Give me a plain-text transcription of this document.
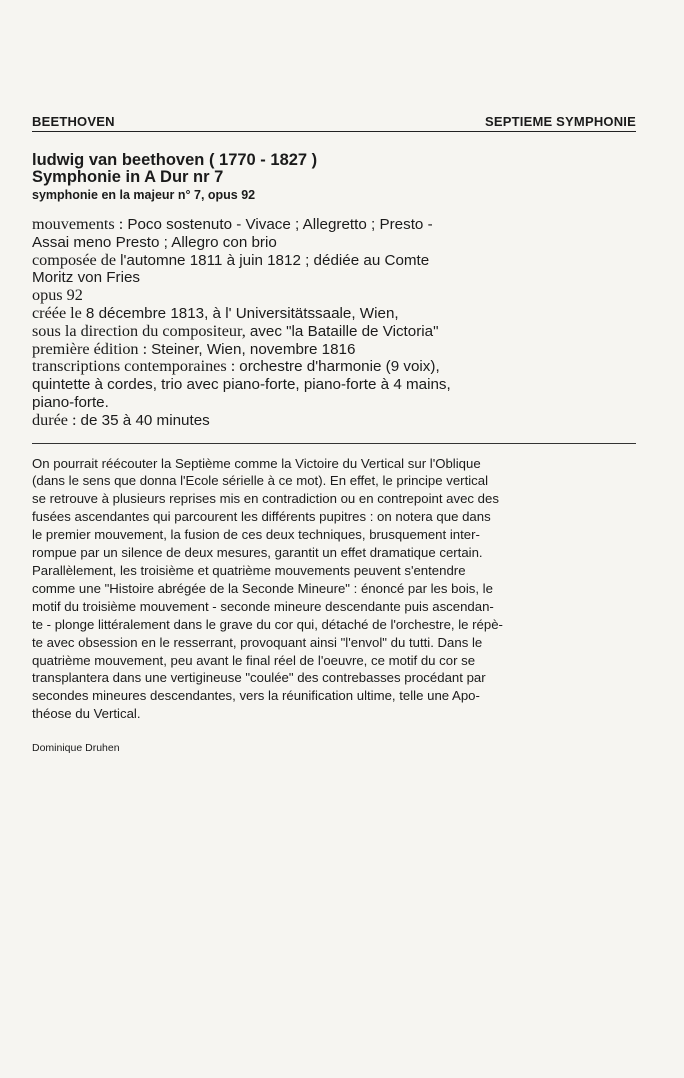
BEETHOVEN	SEPTIEME SYMPHONIE
ludwig van beethoven ( 1770 - 1827 )
Symphonie in A Dur nr 7
symphonie en la majeur n° 7, opus 92
mouvements : Poco sostenuto - Vivace ; Allegretto ; Presto -
Assai meno Presto ; Allegro con brio
composée de l'automne 1811 à juin 1812 ; dédiée au Comte
Moritz von Fries
opus 92
créée le 8 décembre 1813, à l' Universitätssaale, Wien,
sous la direction du compositeur, avec "la Bataille de Victoria"
première édition : Steiner, Wien, novembre 1816
transcriptions contemporaines : orchestre d'harmonie (9 voix),
quintette à cordes, trio avec piano-forte, piano-forte à 4 mains,
piano-forte.
durée : de 35 à 40 minutes
On pourrait réécouter la Septième comme la Victoire du Vertical sur l'Oblique
(dans le sens que donna l'Ecole sérielle à ce mot). En effet, le principe vertical
se retrouve à plusieurs reprises mis en contradiction ou en contrepoint avec des
fusées ascendantes qui parcourent les différents pupitres : on notera que dans
le premier mouvement, la fusion de ces deux techniques, brusquement inter-
rompue par un silence de deux mesures, garantit un effet dramatique certain.
Parallèlement, les troisième et quatrième mouvements peuvent s'entendre
comme une "Histoire abrégée de la Seconde Mineure" : énoncé par les bois, le
motif du troisième mouvement - seconde mineure descendante puis ascendan-
te - plonge littéralement dans le grave du cor qui, détaché de l'orchestre, le répè-
te avec obsession en le resserrant, provoquant ainsi "l'envol" du tutti. Dans le
quatrième mouvement, peu avant le final réel de l'oeuvre, ce motif du cor se
transplantera dans une vertigineuse "coulée" des contrebasses procédant par
secondes mineures descendantes, vers la réunification ultime, telle une Apo-
théose du Vertical.
Dominique Druhen
